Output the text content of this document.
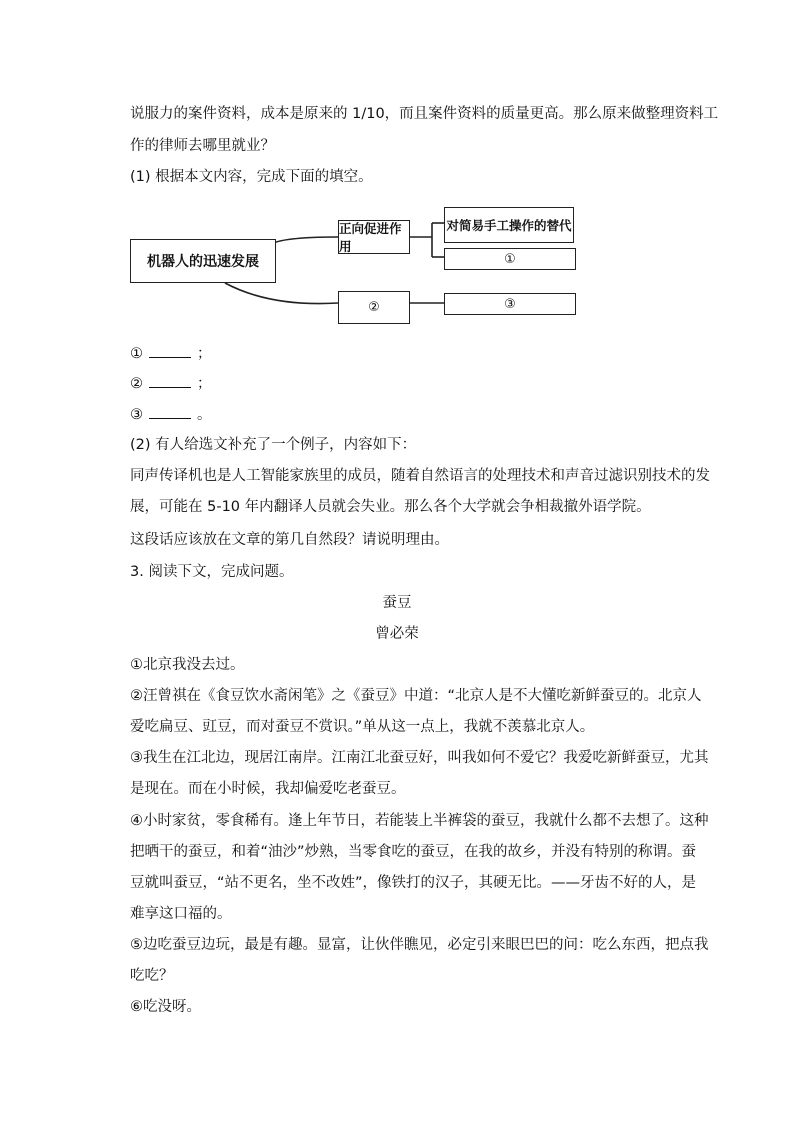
说服力的案件资料，成本是原来的 1/10，而且案件资料的质量更高。那么原来做整理资料工
作的律师去哪里就业？
(1) 根据本文内容，完成下面的填空。
机器人的迅速发展
正向促进作用
对简易手工操作的替代
①
②	③
①	；
②	；
③	。
(2) 有人给选文补充了一个例子，内容如下：
同声传译机也是人工智能家族里的成员，随着自然语言的处理技术和声音过滤识别技术的发
展，可能在 5-10 年内翻译人员就会失业。那么各个大学就会争相裁撤外语学院。
这段话应该放在文章的第几自然段？请说明理由。
3. 阅读下文，完成问题。
蚕豆
曾必荣
①北京我没去过。
②汪曾祺在《食豆饮水斋闲笔》之《蚕豆》中道：“北京人是不大懂吃新鲜蚕豆的。北京人
爱吃扁豆、豇豆，而对蚕豆不赏识。”单从这一点上，我就不羡慕北京人。
③我生在江北边，现居江南岸。江南江北蚕豆好，叫我如何不爱它？我爱吃新鲜蚕豆，尤其
是现在。而在小时候，我却偏爱吃老蚕豆。
④小时家贫，零食稀有。逢上年节日，若能装上半裤袋的蚕豆，我就什么都不去想了。这种
把晒干的蚕豆，和着“油沙”炒熟，当零食吃的蚕豆，在我的故乡，并没有特别的称谓。蚕
豆就叫蚕豆，“站不更名，坐不改姓”，像铁打的汉子，其硬无比。——牙齿不好的人，是
难享这口福的。
⑤边吃蚕豆边玩，最是有趣。显富，让伙伴瞧见，必定引来眼巴巴的问：吃么东西，把点我
吃吃？
⑥吃没呀。
